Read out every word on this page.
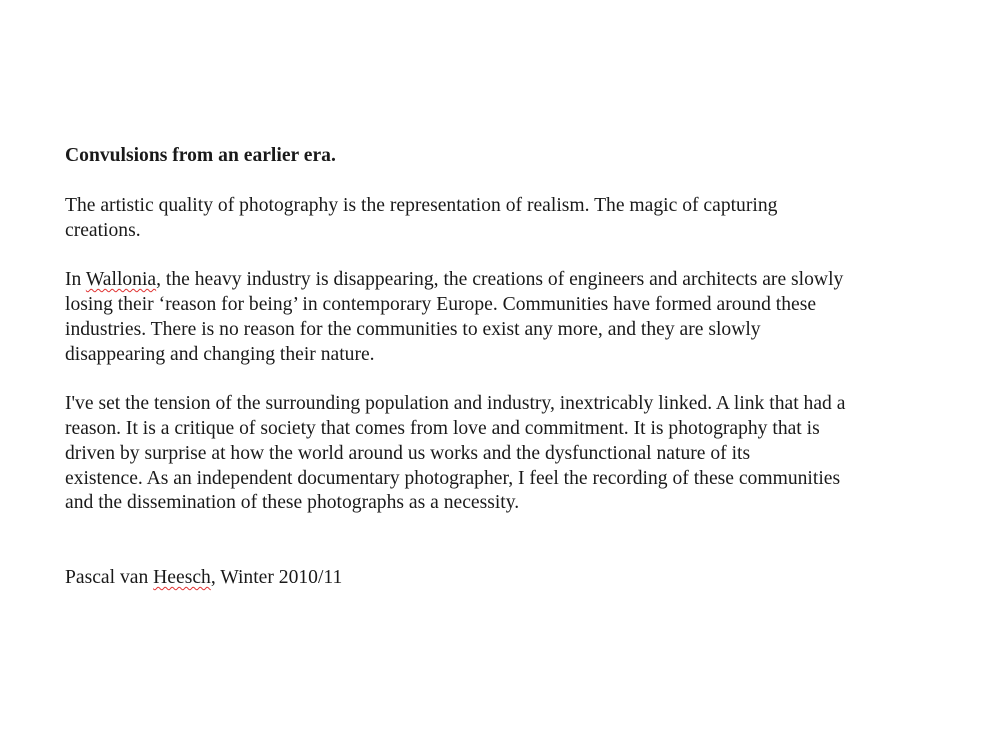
Convulsions from an earlier era.

The artistic quality of photography is the representation of realism. The magic of capturing
creations.

In Wallonia, the heavy industry is disappearing, the creations of engineers and architects are slowly
losing their ‘reason for being’ in contemporary Europe. Communities have formed around these
industries. There is no reason for the communities to exist any more, and they are slowly
disappearing and changing their nature.

I've set the tension of the surrounding population and industry, inextricably linked. A link that had a
reason. It is a critique of society that comes from love and commitment. It is photography that is
driven by surprise at how the world around us works and the dysfunctional nature of its
existence. As an independent documentary photographer, I feel the recording of these communities
and the dissemination of these photographs as a necessity.

Pascal van Heesch, Winter 2010/11
